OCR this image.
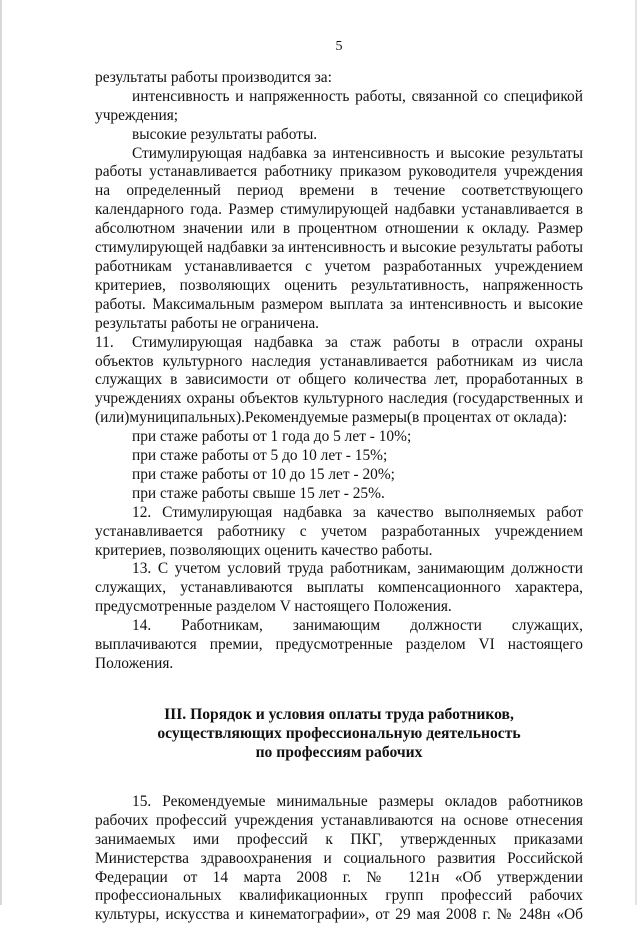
5

результаты работы производится за:

интенсивность и напряженность работы, связанной со спецификой учреждения;

высокие результаты работы.

Стимулирующая надбавка за интенсивность и высокие результаты работы устанавливается работнику приказом руководителя учреждения на определенный период времени в течение соответствующего календарного года. Размер стимулирующей надбавки устанавливается в абсолютном значении или в процентном отношении к окладу. Размер стимулирующей надбавки за интенсивность и высокие результаты работы работникам устанавливается с учетом разработанных учреждением критериев, позволяющих оценить результативность, напряженность работы. Максимальным размером выплата за интенсивность и высокие результаты работы не ограничена.

11. Стимулирующая надбавка за стаж работы в отрасли охраны объектов культурного наследия устанавливается работникам из числа служащих в зависимости от общего количества лет, проработанных в учреждениях охраны объектов культурного наследия (государственных и (или)муниципальных).Рекомендуемые размеры(в процентах от оклада):

при стаже работы от 1 года до 5 лет - 10%;

при стаже работы от 5 до 10 лет - 15%;

при стаже работы от 10 до 15 лет - 20%;

при стаже работы свыше 15 лет - 25%.

12. Стимулирующая надбавка за качество выполняемых работ устанавливается работнику с учетом разработанных учреждением критериев, позволяющих оценить качество работы.

13. С учетом условий труда работникам, занимающим должности служащих, устанавливаются выплаты компенсационного характера, предусмотренные разделом V настоящего Положения.

14. Работникам, занимающим должности служащих, выплачиваются премии, предусмотренные разделом VI настоящего Положения.

III. Порядок и условия оплаты труда работников,
осуществляющих профессиональную деятельность
по профессиям рабочих

15. Рекомендуемые минимальные размеры окладов работников рабочих профессий учреждения устанавливаются на основе отнесения занимаемых ими профессий к ПКГ, утвержденных приказами Министерства здравоохранения и социального развития Российской Федерации от 14 марта 2008 г. № 121н «Об утверждении профессиональных квалификационных групп профессий рабочих культуры, искусства и кинематографии», от 29 мая 2008 г. № 248н «Об
